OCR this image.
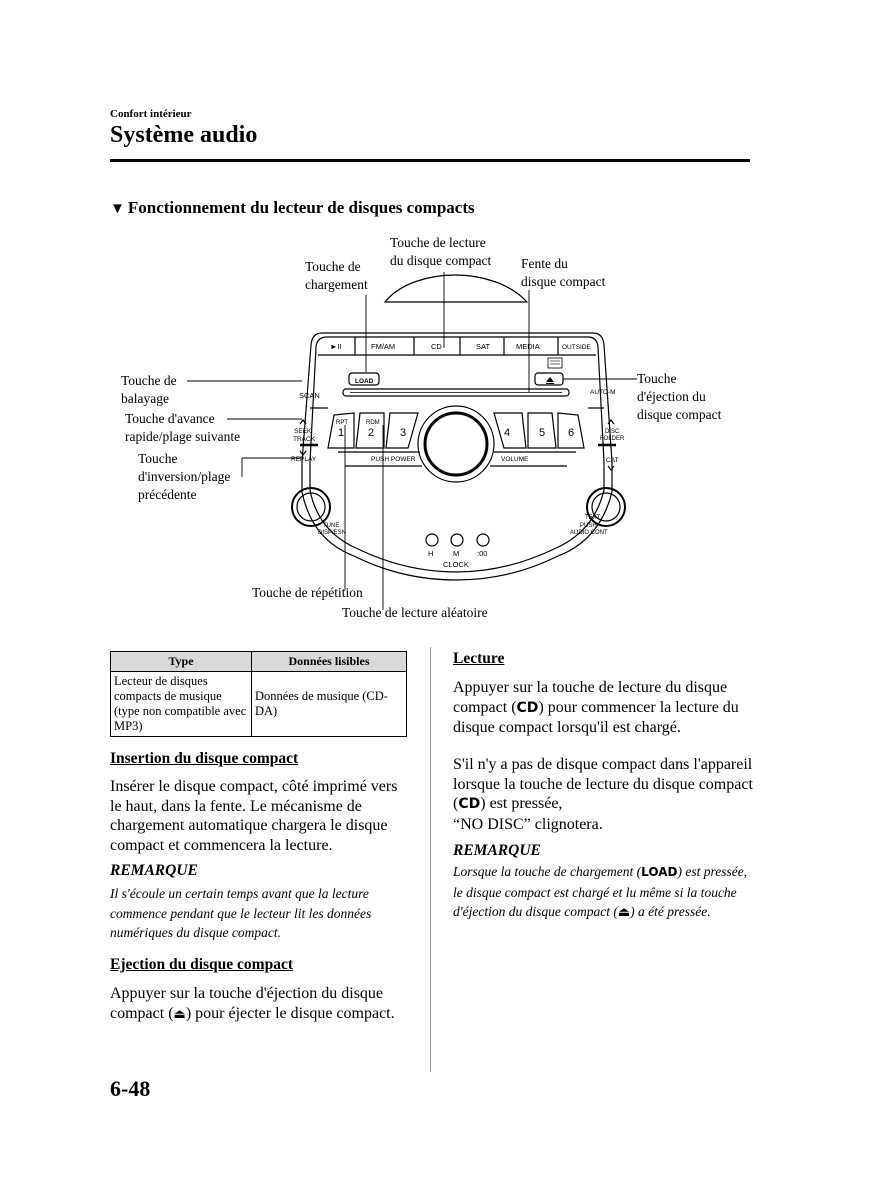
Confort intérieur
Système audio
▼ Fonctionnement du lecteur de disques compacts
Touche de lecture
du disque compact
Touche de
chargement
Fente du
disque compact
Touche de
balayage
Touche d'avance
rapide/plage suivante
Touche
d'inversion/plage
précédente
Touche
d'éjection du
disque compact
Touche de répétition
Touche de lecture aléatoire
►II	FM/AM	CD	SAT	MEDIA	OUTSIDE
LOAD
SCAN	AUTO-M
SEEK
TRACK
REPLAY
DISC
FOLDER
CAT
RPT	RDM
1 2 3	4	5 6
PUSH POWER	VOLUME
TUNE
DISP/ESN
TEXT
PUSH
AUDIO CONT
H	M :00
CLOCK
Type	Données lisibles
Lecteur de disques compacts de musique (type non compatible avec MP3)	Données de musique (CD-DA)
Insertion du disque compact
Insérer le disque compact, côté imprimé vers le haut, dans la fente. Le mécanisme de chargement automatique chargera le disque compact et commencera la lecture.
REMARQUE
Il s'écoule un certain temps avant que la lecture commence pendant que le lecteur lit les données numériques du disque compact.
Ejection du disque compact
Appuyer sur la touche d'éjection du disque compact (⏏) pour éjecter le disque compact.
Lecture
Appuyer sur la touche de lecture du disque compact (CD) pour commencer la lecture du disque compact lorsqu'il est chargé.
S'il n'y a pas de disque compact dans l'appareil lorsque la touche de lecture du disque compact (CD) est pressée,
“NO DISC” clignotera.
REMARQUE
Lorsque la touche de chargement (LOAD) est pressée, le disque compact est chargé et lu même si la touche d'éjection du disque compact (⏏) a été pressée.
6-48
